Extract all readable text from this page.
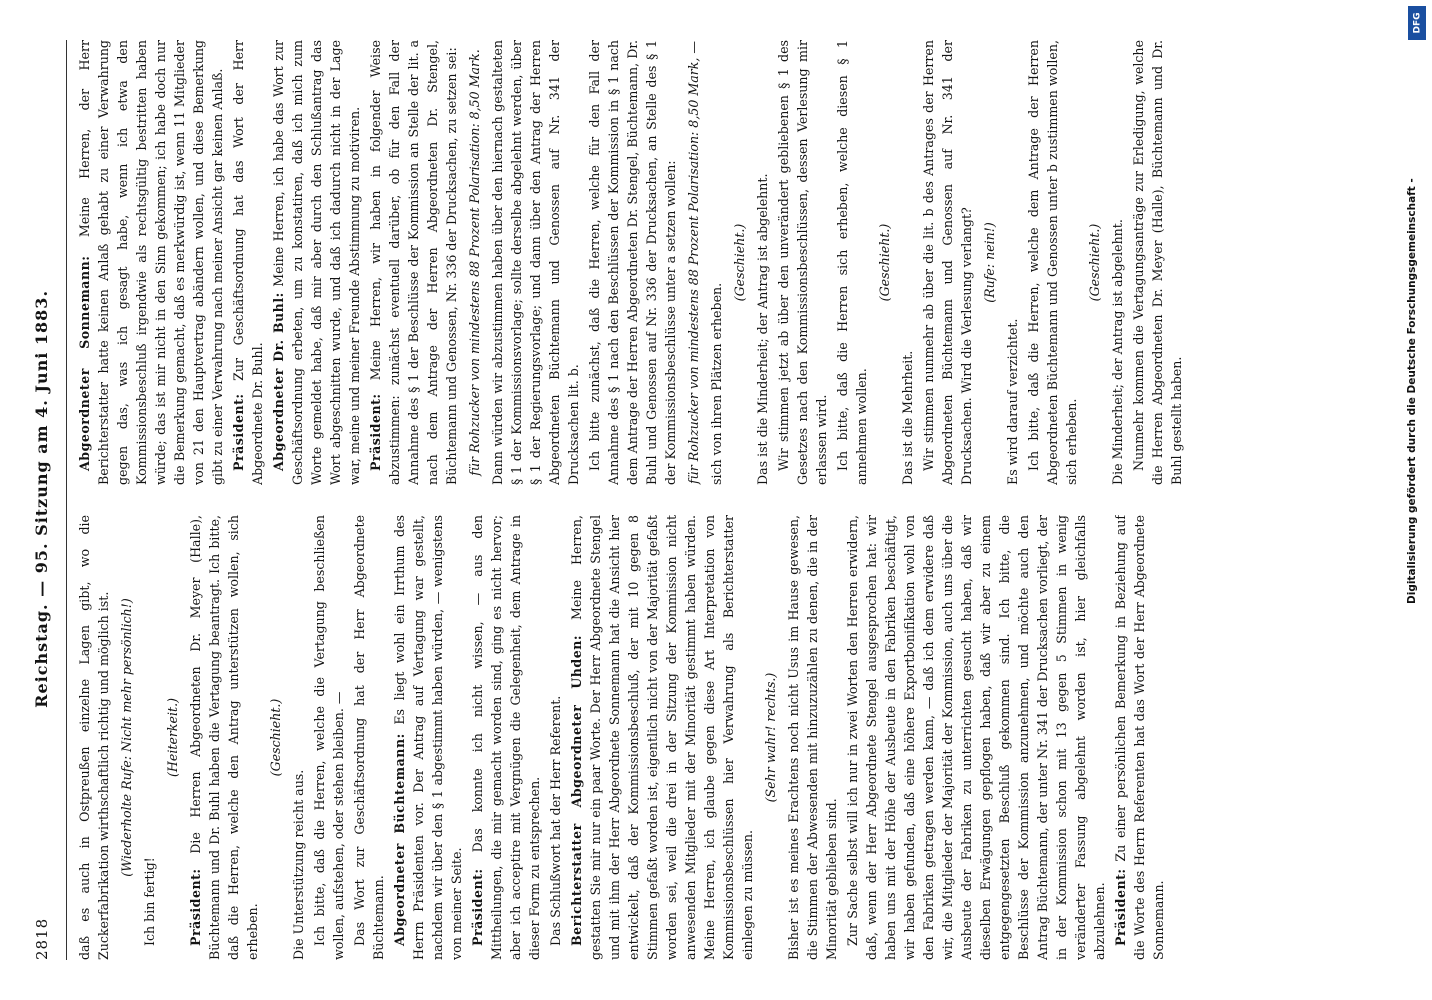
2818
Reichstag. — 95. Sitzung am 4. Juni 1883.

daß es auch in Ostpreußen einzelne Lagen gibt, wo die Zuckerfabrikation wirthschaftlich richtig und möglich ist. (Wiederholte Rufe: Nicht mehr persönlich!)

Ich bin fertig!

(Heiterkeit.)

Präsident: Die Herren Abgeordneten Dr. Meyer (Halle), Büchtemann und Dr. Buhl haben die Vertagung beantragt. Ich bitte, daß die Herren, welche den Antrag unterstützen wollen, sich erheben.

(Geschieht.)

Die Unterstützung reicht aus. Ich bitte, daß die Herren, welche die Vertagung beschließen wollen, aufstehen, oder stehen bleiben. — Das Wort zur Geschäftsordnung hat der Herr Abgeordnete Büchtemann. Abgeordneter Büchtemann: Es liegt wohl ein Irrthum des Herrn Präsidenten vor. Der Antrag auf Vertagung war gestellt, nachdem wir über den § 1 abgestimmt haben würden, — wenigstens von meiner Seite. Präsident: Das konnte ich nicht wissen, — aus den Mittheilungen, die mir gemacht worden sind, ging es nicht hervor; aber ich acceptire mit Vergnügen die Gelegenheit, dem Antrage in dieser Form zu entsprechen. Das Schlußwort hat der Herr Referent. Berichterstatter Abgeordneter Uhden: Meine Herren, gestatten Sie mir nur ein paar Worte. Der Herr Abgeordnete Stengel und mit ihm der Herr Abgeordnete Sonnemann hat die Ansicht hier entwickelt, daß der Kommissionsbeschluß, der mit 10 gegen 8 Stimmen gefaßt worden ist, eigentlich nicht von der Majorität gefaßt worden sei, weil die drei in der Sitzung der Kommission nicht anwesenden Mitglieder mit der Minorität gestimmt haben würden. Meine Herren, ich glaube gegen diese Art Interpretation von Kommissionsbeschlüssen hier Verwahrung als Berichterstatter einlegen zu müssen.

(Sehr wahr! rechts.) Bisher ist es meines Erachtens noch nicht Usus im Hause gewesen, die Stimmen der Abwesenden mit hinzuzuzählen zu denen, die in der Minorität geblieben sind. Zur Sache selbst will ich nur in zwei Worten den Herren erwidern, daß, wenn der Herr Abgeordnete Stengel ausgesprochen hat: wir haben uns mit der Höhe der Ausbeute in den Fabriken beschäftigt, wir haben gefunden, daß eine höhere Exportbonifikation wohl von den Fabriken getragen werden kann, — daß ich dem erwidere daß wir, die Mitglieder der Majorität der Kommission, auch uns über die Ausbeute der Fabriken zu unterrichten gesucht haben, daß wir dieselben Erwägungen gepflogen haben, daß wir aber zu einem entgegengesetzten Beschluß gekommen sind. Ich bitte, die Beschlüsse der Kommission anzunehmen, und möchte auch den Antrag Büchtemann, der unter Nr. 341 der Drucksachen vorliegt, der in der Kommission schon mit 13 gegen 5 Stimmen in wenig veränderter Fassung abgelehnt worden ist, hier gleichfalls abzulehnen. Präsident: Zu einer persönlichen Bemerkung in Beziehung auf die Worte des Herrn Referenten hat das Wort der Herr Abgeordnete Sonnemann.

Abgeordneter Sonnemann: Meine Herren, der Herr Berichterstatter hatte keinen Anlaß gehabt zu einer Verwahrung gegen das, was ich gesagt habe, wenn ich etwa den Kommissionsbeschluß irgendwie als rechtsgültig bestritten haben würde; das ist mir nicht in den Sinn gekommen; ich habe doch nur die Bemerkung gemacht, daß es merkwürdig ist, wenn 11 Mitglieder von 21 den Hauptvertrag abändern wollen, und diese Bemerkung gibt zu einer Verwahrung nach meiner Ansicht gar keinen Anlaß. Präsident: Zur Geschäftsordnung hat das Wort der Herr Abgeordnete Dr. Buhl. Abgeordneter Dr. Buhl: Meine Herren, ich habe das Wort zur Geschäftsordnung erbeten, um zu konstatiren, daß ich mich zum Worte gemeldet habe, daß mir aber durch den Schlußantrag das Wort abgeschnitten wurde, und daß ich dadurch nicht in der Lage war, meine und meiner Freunde Abstimmung zu motiviren. Präsident: Meine Herren, wir haben in folgender Weise abzustimmen: zunächst eventuell darüber, ob für den Fall der Annahme des § 1 der Beschlüsse der Kommission an Stelle der lit. a nach dem Antrage der Herren Abgeordneten Dr. Stengel, Büchtemann und Genossen, Nr. 336 der Drucksachen, zu setzen sei: für Rohzucker von mindestens 88 Prozent Polarisation: 8,50 Mark. Dann würden wir abzustimmen haben über den hiernach gestalteten § 1 der Kommissionsvorlage; sollte derselbe abgelehnt werden, über § 1 der Regierungsvorlage; und dann über den Antrag der Herren Abgeordneten Büchtemann und Genossen auf Nr. 341 der Drucksachen lit. b. Ich bitte zunächst, daß die Herren, welche für den Fall der Annahme des § 1 nach den Beschlüssen der Kommission in § 1 nach dem Antrage der Herren Abgeordneten Dr. Stengel, Büchtemann, Dr. Buhl und Genossen auf Nr. 336 der Drucksachen, an Stelle des § 1 der Kommissionsbeschlüsse unter a setzen wollen: für Rohzucker von mindestens 88 Prozent Polarisation: 8,50 Mark, — sich von ihren Plätzen erheben.

(Geschieht.) Das ist die Minderheit; der Antrag ist abgelehnt. Wir stimmen jetzt ab über den unverändert gebliebenen § 1 des Gesetzes nach den Kommissionsbeschlüssen, dessen Verlesung mir erlassen wird. Ich bitte, daß die Herren sich erheben, welche diesen § 1 annehmen wollen.

(Geschieht.)

Das ist die Mehrheit. Wir stimmen nunmehr ab über die lit. b des Antrages der Herren Abgeordneten Büchtemann und Genossen auf Nr. 341 der Drucksachen. Wird die Verlesung verlangt? (Rufe: nein!)

Es wird darauf verzichtet. Ich bitte, daß die Herren, welche dem Antrage der Herren Abgeordneten Büchtemann und Genossen unter b zustimmen wollen, sich erheben.

(Geschieht.) Die Minderheit; der Antrag ist abgelehnt. Nunmehr kommen die Vertagungsanträge zur Erledigung, welche die Herren Abgeordneten Dr. Meyer (Halle), Büchtemann und Dr. Buhl gestellt haben.

DFG
Digitalisierung gefördert durch die Deutsche Forschungsgemeinschaft -
